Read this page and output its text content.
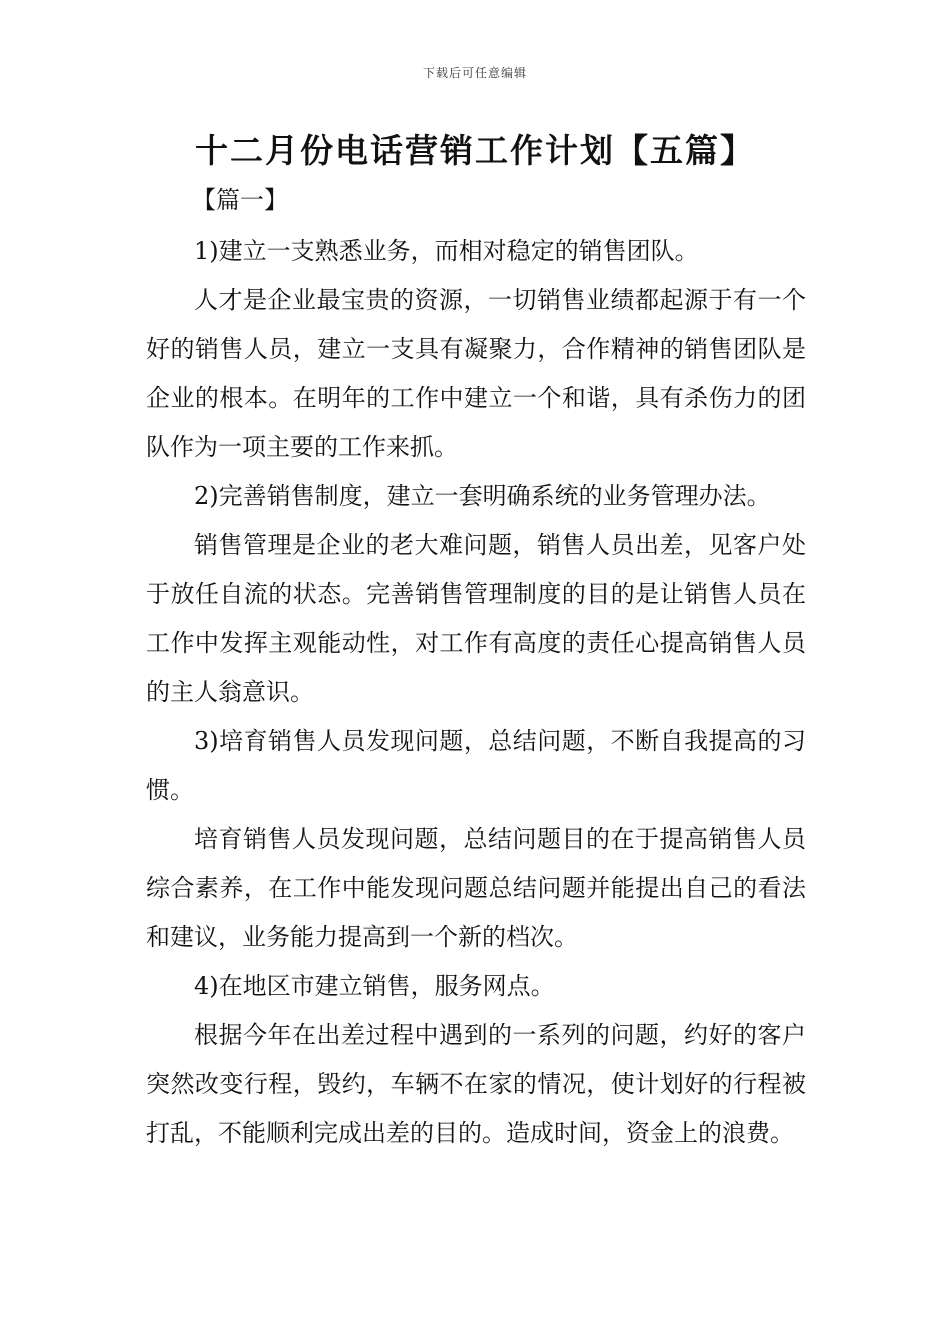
下载后可任意编辑
十二月份电话营销工作计划【五篇】

【篇一】

1)建立一支熟悉业务，而相对稳定的销售团队。

人才是企业最宝贵的资源，一切销售业绩都起源于有一个好的销售人员，建立一支具有凝聚力，合作精神的销售团队是企业的根本。在明年的工作中建立一个和谐，具有杀伤力的团队作为一项主要的工作来抓。

2)完善销售制度，建立一套明确系统的业务管理办法。

销售管理是企业的老大难问题，销售人员出差，见客户处于放任自流的状态。完善销售管理制度的目的是让销售人员在工作中发挥主观能动性，对工作有高度的责任心提高销售人员的主人翁意识。

3)培育销售人员发现问题，总结问题，不断自我提高的习惯。

培育销售人员发现问题，总结问题目的在于提高销售人员综合素养，在工作中能发现问题总结问题并能提出自己的看法和建议，业务能力提高到一个新的档次。

4)在地区市建立销售，服务网点。

根据今年在出差过程中遇到的一系列的问题，约好的客户突然改变行程，毁约，车辆不在家的情况，使计划好的行程被打乱，不能顺利完成出差的目的。造成时间，资金上的浪费。
